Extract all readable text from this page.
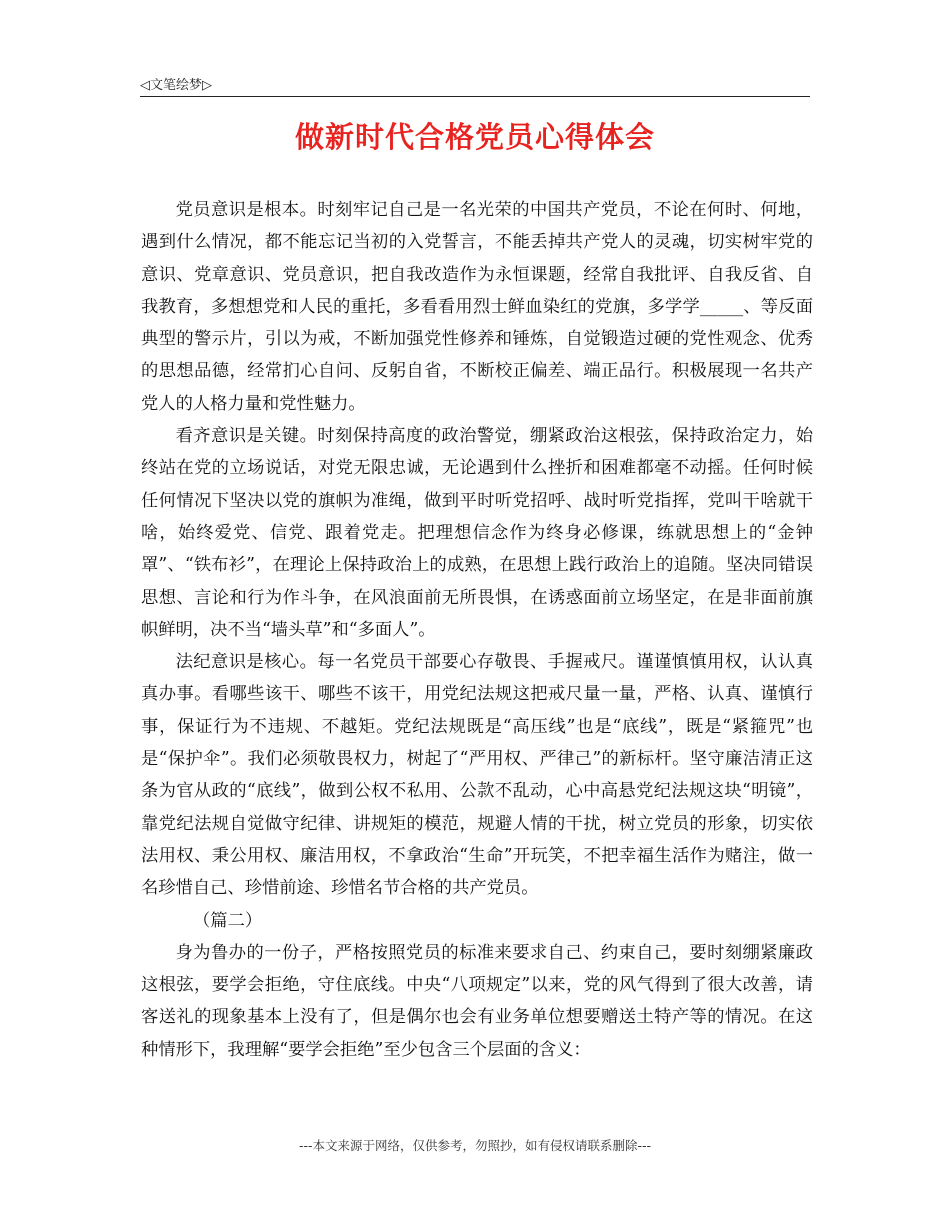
◁文笔绘梦▷
做新时代合格党员心得体会

党员意识是根本。时刻牢记自己是一名光荣的中国共产党员，不论在何时、何地，遇到什么情况，都不能忘记当初的入党誓言，不能丢掉共产党人的灵魂，切实树牢党的意识、党章意识、党员意识，把自我改造作为永恒课题，经常自我批评、自我反省、自我教育，多想想党和人民的重托，多看看用烈士鲜血染红的党旗，多学学_____、等反面典型的警示片，引以为戒，不断加强党性修养和锤炼，自觉锻造过硬的党性观念、优秀的思想品德，经常扪心自问、反躬自省，不断校正偏差、端正品行。积极展现一名共产党人的人格力量和党性魅力。

看齐意识是关键。时刻保持高度的政治警觉，绷紧政治这根弦，保持政治定力，始终站在党的立场说话，对党无限忠诚，无论遇到什么挫折和困难都毫不动摇。任何时候任何情况下坚决以党的旗帜为准绳，做到平时听党招呼、战时听党指挥，党叫干啥就干啥，始终爱党、信党、跟着党走。把理想信念作为终身必修课，练就思想上的“金钟罩”、“铁布衫”，在理论上保持政治上的成熟，在思想上践行政治上的追随。坚决同错误思想、言论和行为作斗争，在风浪面前无所畏惧，在诱惑面前立场坚定，在是非面前旗帜鲜明，决不当“墙头草”和“多面人”。

法纪意识是核心。每一名党员干部要心存敬畏、手握戒尺。谨谨慎慎用权，认认真真办事。看哪些该干、哪些不该干，用党纪法规这把戒尺量一量，严格、认真、谨慎行事，保证行为不违规、不越矩。党纪法规既是“高压线”也是“底线”，既是“紧箍咒”也是“保护伞”。我们必须敬畏权力，树起了“严用权、严律己”的新标杆。坚守廉洁清正这条为官从政的“底线”，做到公权不私用、公款不乱动，心中高悬党纪法规这块“明镜”，靠党纪法规自觉做守纪律、讲规矩的模范，规避人情的干扰，树立党员的形象，切实依法用权、秉公用权、廉洁用权，不拿政治“生命”开玩笑，不把幸福生活作为赌注，做一名珍惜自己、珍惜前途、珍惜名节合格的共产党员。

（篇二）

身为鲁办的一份子，严格按照党员的标准来要求自己、约束自己，要时刻绷紧廉政这根弦，要学会拒绝，守住底线。中央“八项规定”以来，党的风气得到了很大改善，请客送礼的现象基本上没有了，但是偶尔也会有业务单位想要赠送土特产等的情况。在这种情形下，我理解“要学会拒绝”至少包含三个层面的含义：

---本文来源于网络，仅供参考，勿照抄，如有侵权请联系删除---
